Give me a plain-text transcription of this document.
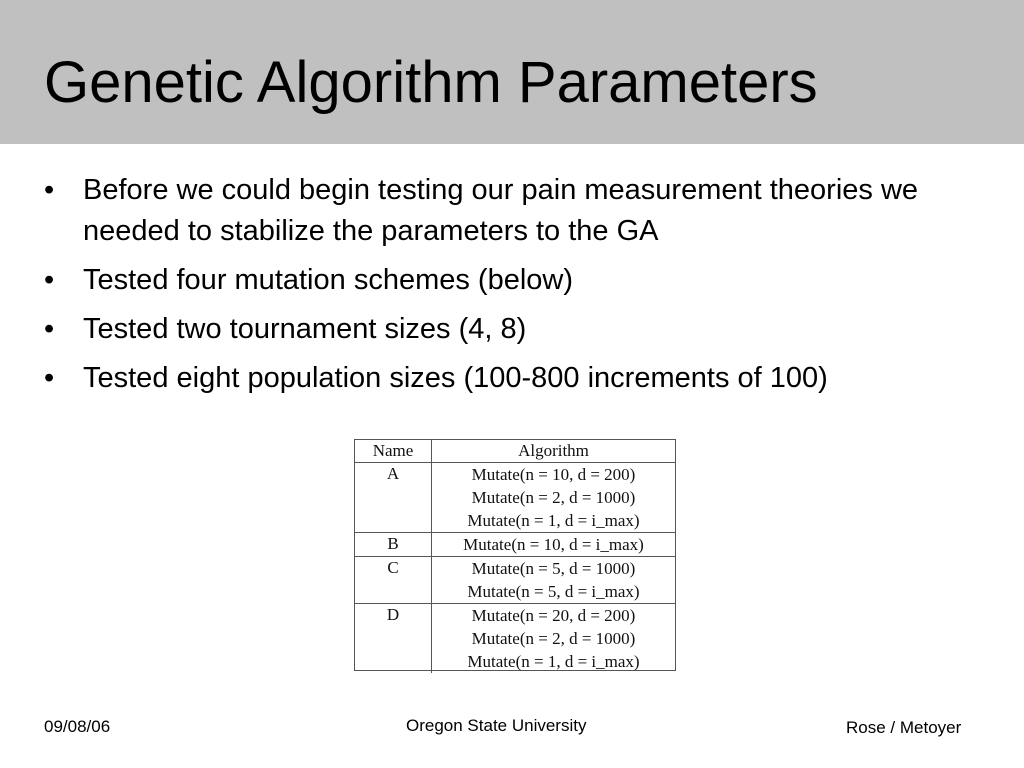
Genetic Algorithm Parameters
• Before we could begin testing our pain measurement theories we needed to stabilize the parameters to the GA
• Tested four mutation schemes (below)
• Tested two tournament sizes (4, 8)
• Tested eight population sizes (100-800 increments of 100)
Name	Algorithm
A	Mutate(n = 10, d = 200)
Mutate(n = 2, d = 1000)
Mutate(n = 1, d = i_max)

B	Mutate(n = 10, d = i_max)

C	Mutate(n = 5, d = 1000)
Mutate(n = 5, d = i_max)

D	Mutate(n = 20, d = 200)
Mutate(n = 2, d = 1000)
Mutate(n = 1, d = i_max)
09/08/06	Oregon State University	Rose / Metoyer
